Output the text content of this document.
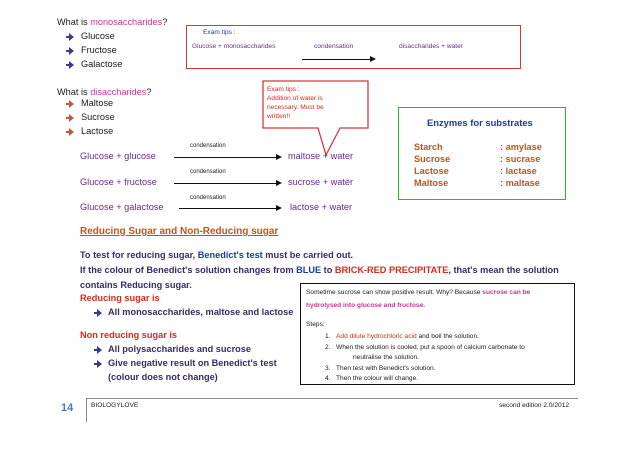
What is monosaccharides?
Glucose
Fructose
Galactose
Exam tips :
Glucose + monosaccharides	condensation	disaccharides + water
What is disaccharides?
Maltose
Sucrose
Lactose
Exam tips :
Addition of water is
necessary. Must be
written!!
condensation
Glucose + glucose	maltose + water
condensation
Glucose + fructose	sucrose + water
condensation
Glucose + galactose	lactose + water
Enzymes for substrates
Starch	: amylase
Sucrose	: sucrase
Lactose	: lactase
Maltose	: maltase
Reducing Sugar and Non-Reducing sugar
To test for reducing sugar, Benedict's test must be carried out.
If the colour of Benedict's solution changes from BLUE to BRICK-RED PRECIPITATE, that's mean the solution
contains Reducing sugar.
Reducing sugar is
All monosaccharides, maltose and lactose
Non reducing sugar is
All polysaccharides and sucrose
Give negative result on Benedict's test
(colour does not change)
Sometime sucrose can show positive result. Why? Because sucrose can be
hydrolysed into glucose and fructose.
Steps:
1. Add dilute hydrochloric acid and boil the solution.
2. When the solution is cooled, put a spoon of calcium carbonate to
neutralise the solution.
3. Then test with Benedict's solution.
4. Then the colour will change.
14	BIOLOGYLOVE	second edition 2.0/2012
